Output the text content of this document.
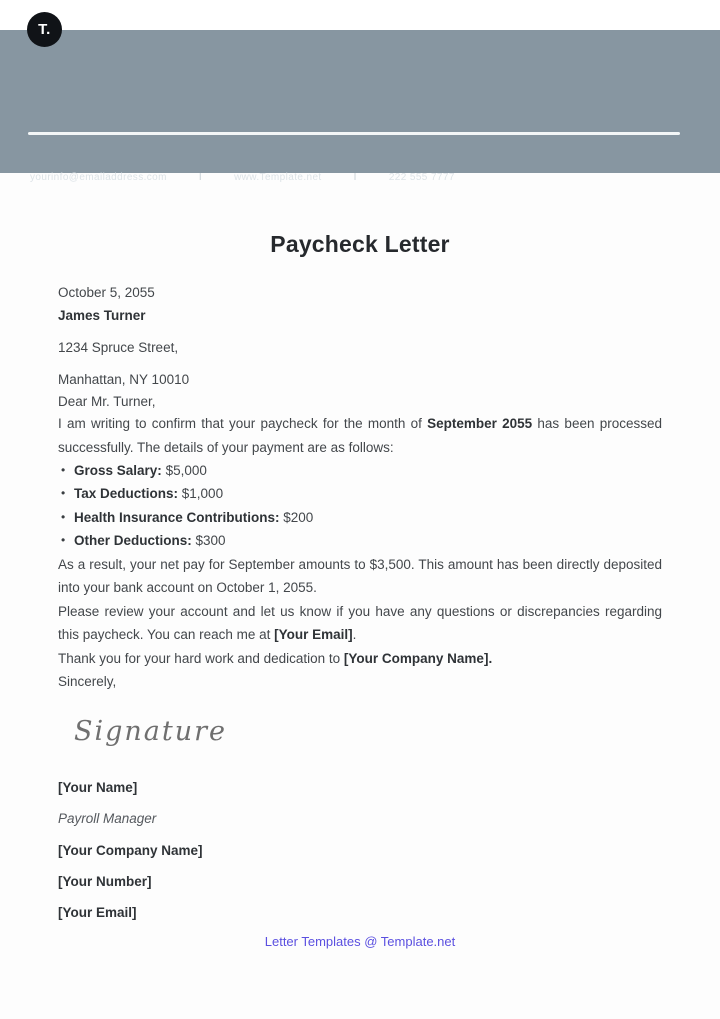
T.
yourinfo@emailaddress.com	I	www.Template.net	I	222 555 7777
Paycheck Letter
October 5, 2055
James Turner
1234 Spruce Street,
Manhattan, NY 10010
Dear Mr. Turner,

I am writing to confirm that your paycheck for the month of September 2055 has been processed successfully. The details of your payment are as follows:

• Gross Salary: $5,000
• Tax Deductions: $1,000
• Health Insurance Contributions: $200
• Other Deductions: $300

As a result, your net pay for September amounts to $3,500. This amount has been directly deposited into your bank account on October 1, 2055.

Please review your account and let us know if you have any questions or discrepancies regarding this paycheck. You can reach me at [Your Email].

Thank you for your hard work and dedication to [Your Company Name].

Sincerely,
Signature
[Your Name]
Payroll Manager
[Your Company Name]
[Your Number]
[Your Email]
Letter Templates @ Template.net
